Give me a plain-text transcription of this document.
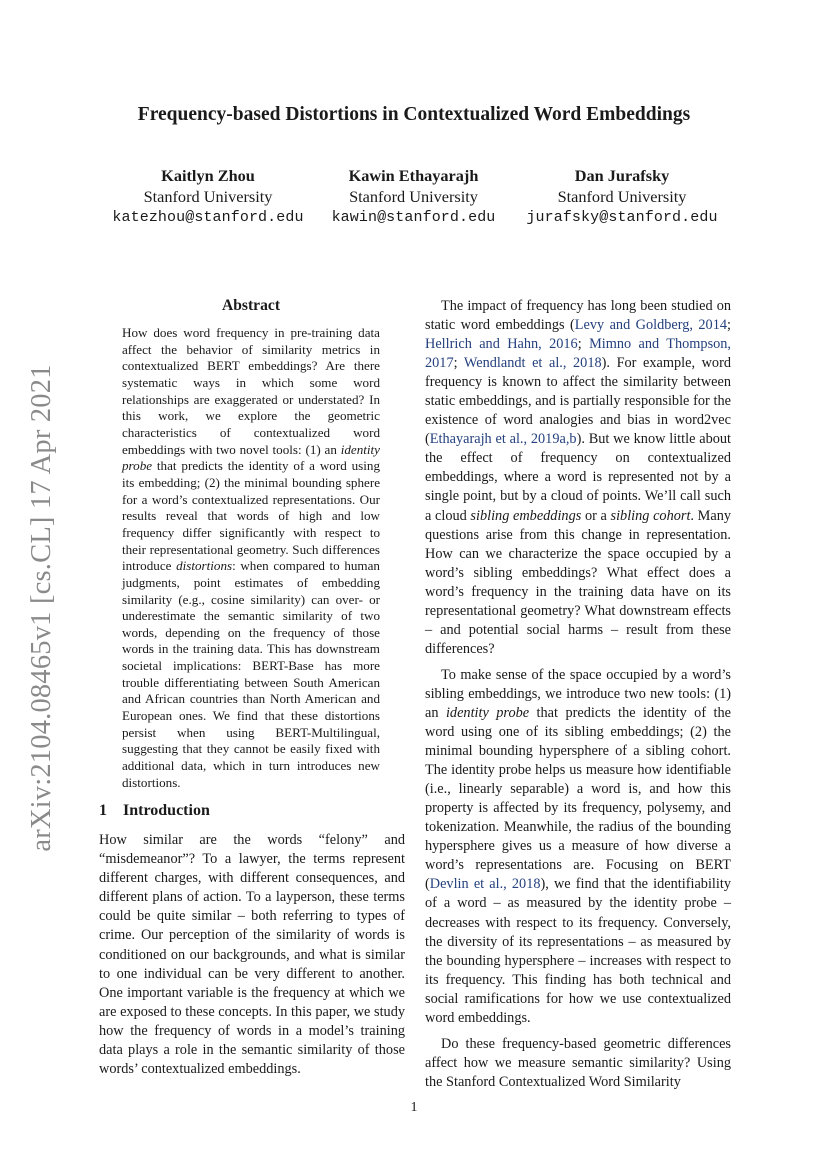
arXiv:2104.08465v1 [cs.CL] 17 Apr 2021
Frequency-based Distortions in Contextualized Word Embeddings
Kaitlyn Zhou
Stanford University
katezhou@stanford.edu
Kawin Ethayarajh
Stanford University
kawin@stanford.edu
Dan Jurafsky
Stanford University
jurafsky@stanford.edu
Abstract
How does word frequency in pre-training data affect the behavior of similarity metrics in contextualized BERT embeddings? Are there systematic ways in which some word relationships are exaggerated or understated? In this work, we explore the geometric characteristics of contextualized word embeddings with two novel tools: (1) an identity probe that predicts the identity of a word using its embedding; (2) the minimal bounding sphere for a word’s contextualized representations. Our results reveal that words of high and low frequency differ significantly with respect to their representational geometry. Such differences introduce distortions: when compared to human judgments, point estimates of embedding similarity (e.g., cosine similarity) can over- or underestimate the semantic similarity of two words, depending on the frequency of those words in the training data. This has downstream societal implications: BERT-Base has more trouble differentiating between South American and African countries than North American and European ones. We find that these distortions persist when using BERT-Multilingual, suggesting that they cannot be easily fixed with additional data, which in turn introduces new distortions.
1 Introduction
How similar are the words “felony” and “misdemeanor”? To a lawyer, the terms represent different charges, with different consequences, and different plans of action. To a layperson, these terms could be quite similar – both referring to types of crime. Our perception of the similarity of words is conditioned on our backgrounds, and what is similar to one individual can be very different to another. One important variable is the frequency at which we are exposed to these concepts. In this paper, we study how the frequency of words in a model’s training data plays a role in the semantic similarity of those words’ contextualized embeddings.

The impact of frequency has long been studied on static word embeddings (Levy and Goldberg, 2014; Hellrich and Hahn, 2016; Mimno and Thompson, 2017; Wendlandt et al., 2018). For example, word frequency is known to affect the similarity between static embeddings, and is partially responsible for the existence of word analogies and bias in word2vec (Ethayarajh et al., 2019a,b). But we know little about the effect of frequency on contextualized embeddings, where a word is represented not by a single point, but by a cloud of points. We’ll call such a cloud sibling embeddings or a sibling cohort. Many questions arise from this change in representation. How can we characterize the space occupied by a word’s sibling embeddings? What effect does a word’s frequency in the training data have on its representational geometry? What downstream effects – and potential social harms – result from these differences?

To make sense of the space occupied by a word’s sibling embeddings, we introduce two new tools: (1) an identity probe that predicts the identity of the word using one of its sibling embeddings; (2) the minimal bounding hypersphere of a sibling cohort. The identity probe helps us measure how identifiable (i.e., linearly separable) a word is, and how this property is affected by its frequency, polysemy, and tokenization. Meanwhile, the radius of the bounding hypersphere gives us a measure of how diverse a word’s representations are. Focusing on BERT (Devlin et al., 2018), we find that the identifiability of a word – as measured by the identity probe – decreases with respect to its frequency. Conversely, the diversity of its representations – as measured by the bounding hypersphere – increases with respect to its frequency. This finding has both technical and social ramifications for how we use contextualized word embeddings.

Do these frequency-based geometric differences affect how we measure semantic similarity? Using the Stanford Contextualized Word Similarity

1
